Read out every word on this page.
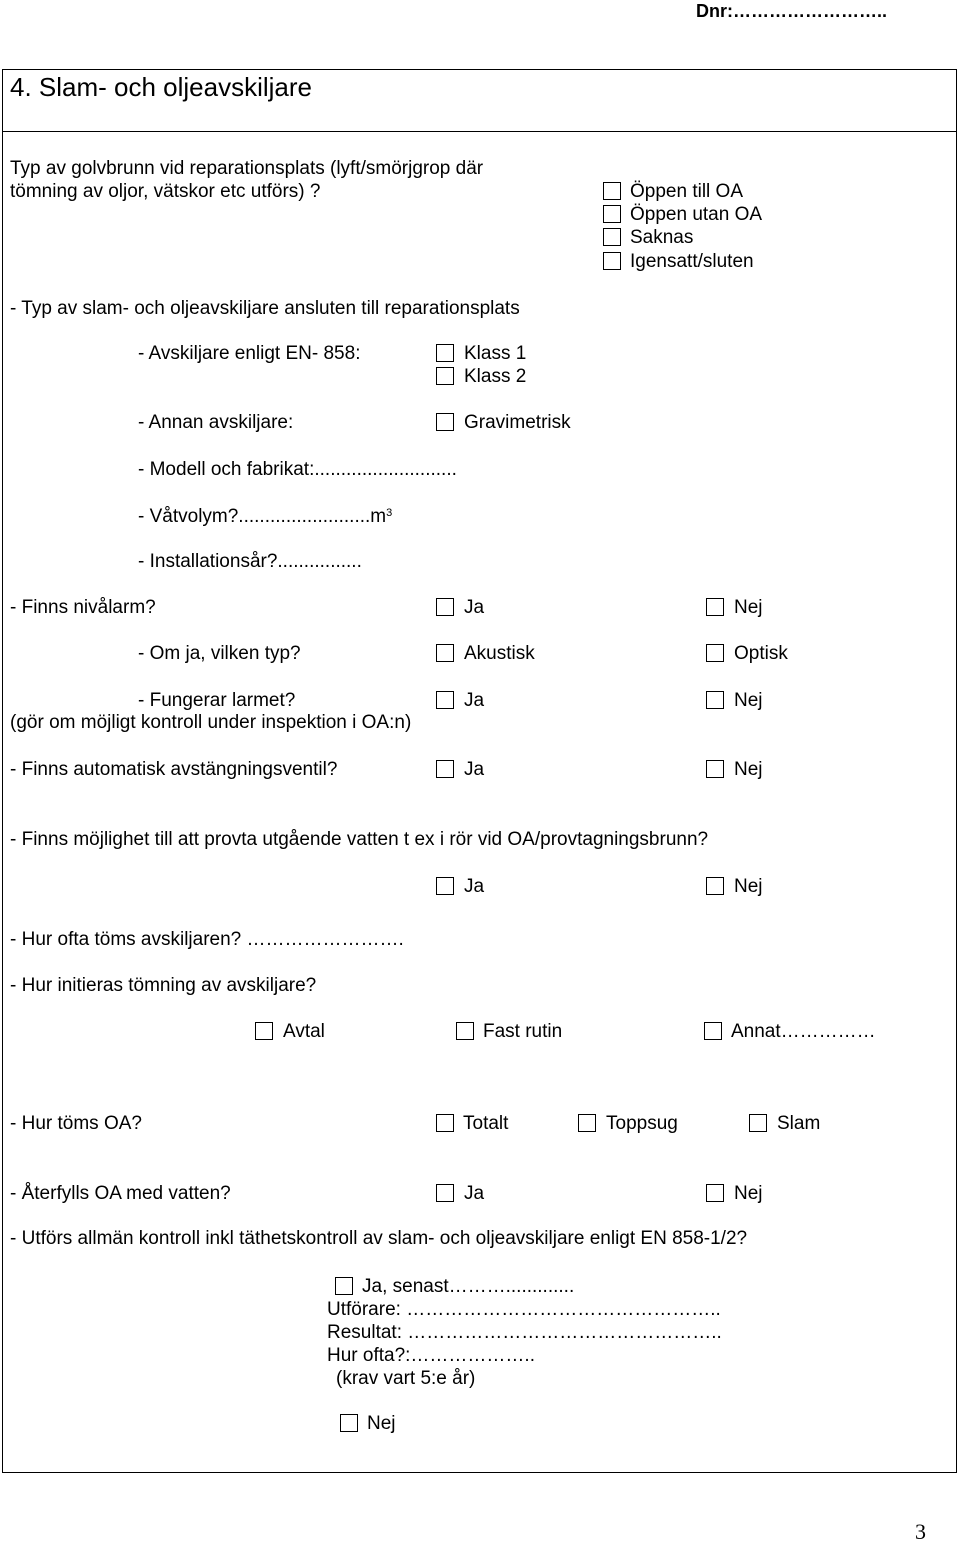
Dnr:……………………..
4. Slam- och oljeavskiljare
Typ av golvbrunn vid reparationsplats (lyft/smörjgrop där
tömning av oljor, vätskor etc utförs) ?	Öppen till OA
Öppen utan OA
Saknas
Igensatt/sluten
- Typ av slam- och oljeavskiljare ansluten till reparationsplats
- Avskiljare enligt EN- 858:	Klass 1
Klass 2
- Annan avskiljare:	Gravimetrisk
- Modell och fabrikat:...........................
- $Våtvolym?.........................m^3$
- Installationsår?................
- Finns nivålarm?	Ja	Nej
- Om ja, vilken typ?	Akustisk	Optisk
- Fungerar larmet?	Ja	Nej
(gör om möjligt kontroll under inspektion i OA:n)
- Finns automatisk avstängningsventil?	Ja	Nej
- Finns möjlighet till att provta utgående vatten t ex i rör vid OA/provtagningsbrunn?
Ja	Nej
- Hur ofta töms avskiljaren? …………………….
- Hur initieras tömning av avskiljare?
Avtal	Fast rutin	Annat……………
- Hur töms OA?	Totalt	Toppsug	Slam
- Återfylls OA med vatten?	Ja	Nej
- Utförs allmän kontroll inkl täthetskontroll av slam- och oljeavskiljare enligt EN 858-1/2?
Ja, senast……….............
Utförare: …………………………………………..
Resultat: …………………………………………..
Hur ofta?:………………..
(krav vart 5:e år)
Nej
3
